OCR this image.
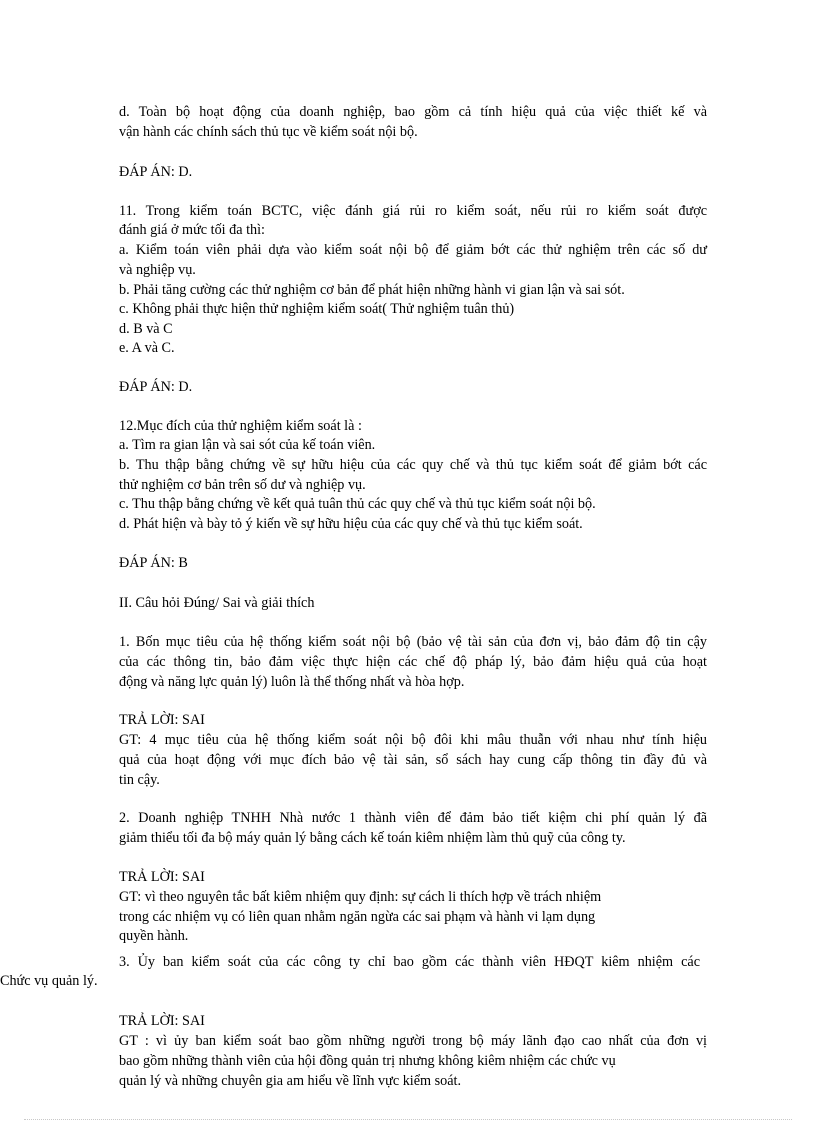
d. Toàn bộ hoạt động của doanh nghiệp, bao gồm cả tính hiệu quả của việc thiết kế và
vận hành các chính sách thủ tục về kiểm soát nội bộ.
ĐÁP ÁN: D.
11. Trong kiểm toán BCTC, việc đánh giá rủi ro kiểm soát, nếu rủi ro kiểm soát được
đánh giá ở mức tối đa thì:
a. Kiểm toán viên phải dựa vào kiểm soát nội bộ để giảm bớt các thử nghiệm trên các số dư
và nghiệp vụ.
b. Phải tăng cường các thử nghiệm cơ bản để phát hiện những hành vi gian lận và sai sót.
c. Không phải thực hiện thử nghiệm kiểm soát( Thử nghiệm tuân thủ)
d. B và C
e. A và C.
ĐÁP ÁN: D.
12.Mục đích của thử nghiệm kiểm soát là :
a. Tìm ra gian lận và sai sót của kế toán viên.
b. Thu thập bằng chứng về sự hữu hiệu của các quy chế và thủ tục kiểm soát để giảm bớt các
thử nghiệm cơ bản trên số dư và nghiệp vụ.
c. Thu thập bằng chứng về kết quả tuân thủ các quy chế và thủ tục kiểm soát nội bộ.
d. Phát hiện và bày tỏ ý kiến về sự hữu hiệu của các quy chế và thủ tục kiểm soát.
ĐÁP ÁN: B
II. Câu hỏi Đúng/ Sai và giải thích
1. Bốn mục tiêu của hệ thống kiểm soát nội bộ (bảo vệ tài sản của đơn vị, bảo đảm độ tin cậy
của các thông tin, bảo đảm việc thực hiện các chế độ pháp lý, bảo đảm hiệu quả của hoạt
động và năng lực quản lý) luôn là thể thống nhất và hòa hợp.
TRẢ LỜI: SAI
GT: 4 mục tiêu của hệ thống kiểm soát nội bộ đôi khi mâu thuẫn với nhau như tính hiệu
quả của hoạt động với mục đích bảo vệ tài sản, sổ sách hay cung cấp thông tin đầy đủ và
tin cậy.
2. Doanh nghiệp TNHH Nhà nước 1 thành viên để đảm bảo tiết kiệm chi phí quản lý đã
giảm thiểu tối đa bộ máy quản lý bằng cách kế toán kiêm nhiệm làm thủ quỹ của công ty.
TRẢ LỜI: SAI
GT: vì theo nguyên tắc bất kiêm nhiệm quy định: sự cách li thích hợp về trách nhiệm
trong các nhiệm vụ có liên quan nhằm ngăn ngừa các sai phạm và hành vi lạm dụng
quyền hành.
3. Ủy ban kiểm soát của các công ty chỉ bao gồm các thành viên HĐQT kiêm nhiệm các
Chức vụ quản lý.
TRẢ LỜI: SAI
GT : vì ủy ban kiểm soát bao gồm những người trong bộ máy lãnh đạo cao nhất của đơn vị
bao gồm những thành viên của hội đồng quản trị nhưng không kiêm nhiệm các chức vụ
quản lý và những chuyên gia am hiểu về lĩnh vực kiểm soát.
